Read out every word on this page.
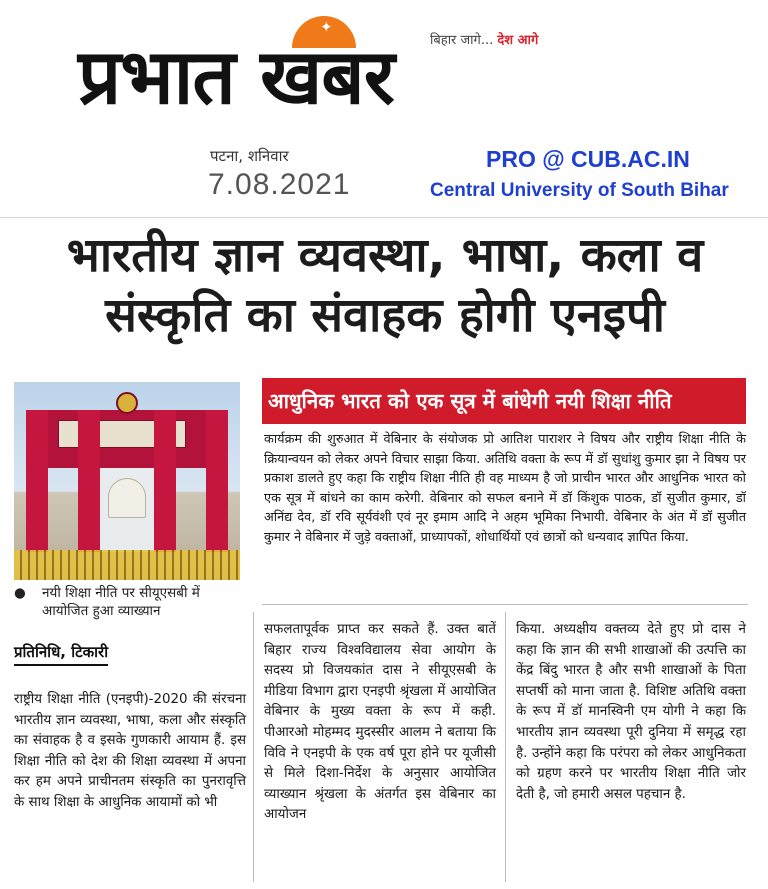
✦
बिहार जागे... देश आगे
प्रभात खबर
पटना, शनिवार
7.08.2021
PRO @ CUB.AC.IN
Central University of South Bihar
भारतीय ज्ञान व्यवस्था, भाषा, कला व संस्कृति का संवाहक होगी एनइपी
●	नयी शिक्षा नीति पर सीयूएसबी में आयोजित हुआ व्याख्यान
प्रतिनिधि, टिकारी
आधुनिक भारत को एक सूत्र में बांधेगी नयी शिक्षा नीति

कार्यक्रम की शुरुआत में वेबिनार के संयोजक प्रो आतिश पाराशर ने विषय और राष्ट्रीय शिक्षा नीति के क्रियान्वयन को लेकर अपने विचार साझा किया. अतिथि वक्ता के रूप में डॉ सुधांशु कुमार झा ने विषय पर प्रकाश डालते हुए कहा कि राष्ट्रीय शिक्षा नीति ही वह माध्यम है जो प्राचीन भारत और आधुनिक भारत को एक सूत्र में बांधने का काम करेगी. वेबिनार को सफल बनाने में डॉ किंशुक पाठक, डॉ सुजीत कुमार, डॉ अनिंद्य देव, डॉ रवि सूर्यवंशी एवं नूर इमाम आदि ने अहम भूमिका निभायी. वेबिनार के अंत में डॉ सुजीत कुमार ने वेबिनार में जुड़े वक्ताओं, प्राध्यापकों, शोधार्थियों एवं छात्रों को धन्यवाद ज्ञापित किया.

राष्ट्रीय शिक्षा नीति (एनइपी)-2020 की संरचना भारतीय ज्ञान व्यवस्था, भाषा, कला और संस्कृति का संवाहक है व इसके गुणकारी आयाम हैं. इस शिक्षा नीति को देश की शिक्षा व्यवस्था में अपना कर हम अपने प्राचीनतम संस्कृति का पुनरावृत्ति के साथ शिक्षा के आधुनिक आयामों को भी

सफलतापूर्वक प्राप्त कर सकते हैं. उक्त बातें बिहार राज्य विश्वविद्यालय सेवा आयोग के सदस्य प्रो विजयकांत दास ने सीयूएसबी के मीडिया विभाग द्वारा एनइपी श्रृंखला में आयोजित वेबिनार के मुख्य वक्ता के रूप में कही. पीआरओ मोहम्मद मुदस्सीर आलम ने बताया कि विवि ने एनइपी के एक वर्ष पूरा होने पर यूजीसी से मिले दिशा-निर्देश के अनुसार आयोजित व्याख्यान श्रृंखला के अंतर्गत इस वेबिनार का आयोजन

किया. अध्यक्षीय वक्तव्य देते हुए प्रो दास ने कहा कि ज्ञान की सभी शाखाओं की उत्पत्ति का केंद्र बिंदु भारत है और सभी शाखाओं के पिता सप्तर्षी को माना जाता है. विशिष्ट अतिथि वक्ता के रूप में डॉ मानस्विनी एम योगी ने कहा कि भारतीय ज्ञान व्यवस्था पूरी दुनिया में समृद्ध रहा है. उन्होंने कहा कि परंपरा को लेकर आधुनिकता को ग्रहण करने पर भारतीय शिक्षा नीति जोर देती है, जो हमारी असल पहचान है.
